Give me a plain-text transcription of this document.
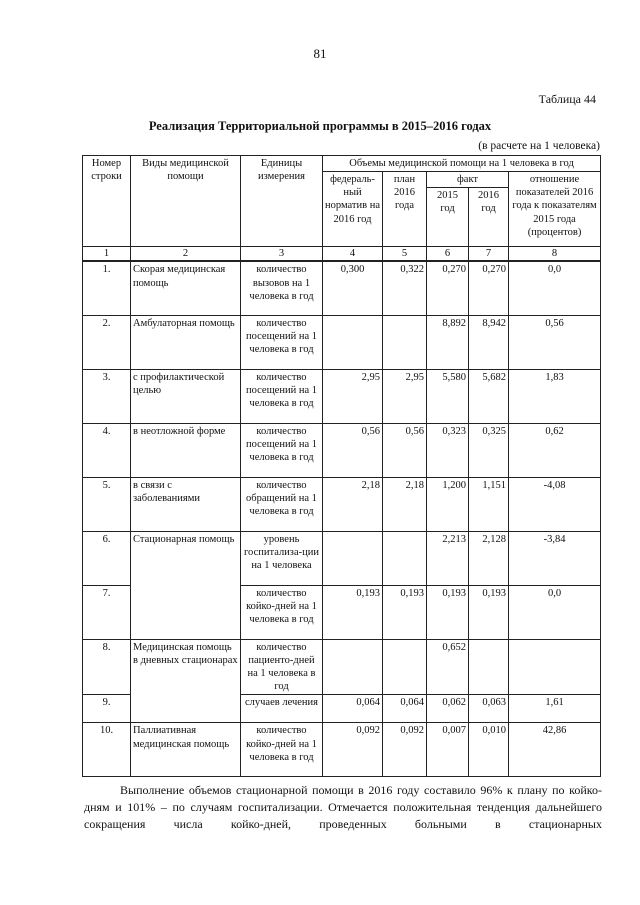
81
Таблица 44
Реализация Территориальной программы в 2015–2016 годах
(в расчете на 1 человека)
Номер строки	Виды медицинской помощи	Единицы измерения	Объемы медицинской помощи на 1 человека в год				
			федераль-ный норматив на 2016 год	план 2016 года	факт		отношение показателей 2016 года к показателям 2015 года (процентов)
					2015 год	2016 год	
1	2	3	4	5	6	7	8
1.	Скорая медицинская помощь	количество вызовов на 1 человека в год	0,300	0,322	0,270	0,270	0,0
2.	Амбулаторная помощь	количество посещений на 1 человека в год			8,892	8,942	0,56
3.	с профилактической целью	количество посещений на 1 человека в год	2,95	2,95	5,580	5,682	1,83
4.	в неотложной форме	количество посещений на 1 человека в год	0,56	0,56	0,323	0,325	0,62
5.	в связи с заболеваниями	количество обращений на 1 человека в год	2,18	2,18	1,200	1,151	-4,08
6.	Стационарная помощь	уровень госпитализа-ции на 1 человека			2,213	2,128	-3,84
7.		количество койко-дней на 1 человека в год	0,193	0,193	0,193	0,193	0,0
8.	Медицинская помощь в дневных стационарах	количество пациенто-дней на 1 человека в год			0,652		
9.		случаев лечения	0,064	0,064	0,062	0,063	1,61
10.	Паллиативная медицинская помощь	количество койко-дней на 1 человека в год	0,092	0,092	0,007	0,010	42,86

Выполнение объемов стационарной помощи в 2016 году составило 96% к плану по койко-дням и 101% – по случаям госпитализации. Отмечается положительная тенденция дальнейшего сокращения числа койко-дней, проведенных больными в стационарных
